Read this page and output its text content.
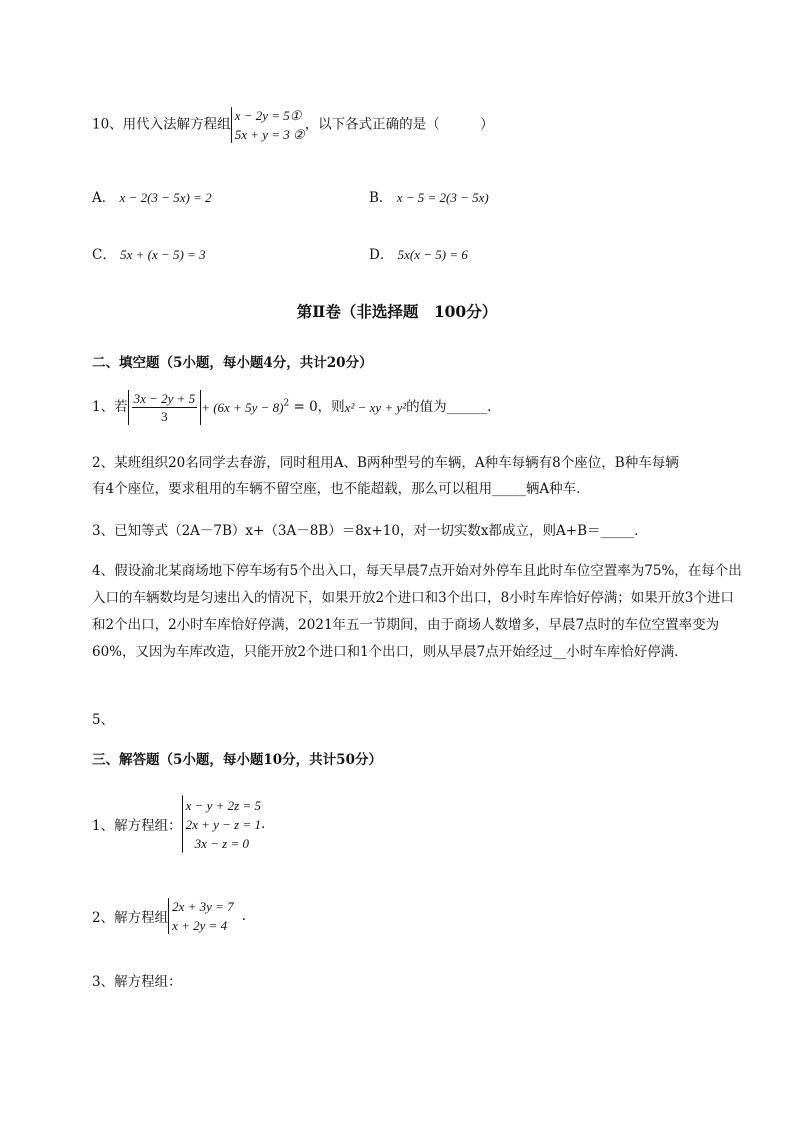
10、用代入法解方程组
x − 2y = 5①
5x + y = 3 ②
，以下各式正确的是（　　　）
A． x − 2(3 − 5x) = 2	B． x − 5 = 2(3 − 5x)
C． 5x + (x − 5) = 3	D． 5x(x − 5) = 6
第Ⅱ卷（非选择题　100分）
二、填空题（5小题，每小题4分，共计20分）
1、若 $\frac{3x - 2y + 5}{3} + (6x + 5y - 8)^2 = 0$，则x² − xy + y²的值为______.
2、某班组织20名同学去春游，同时租用A、B两种型号的车辆，A种车每辆有8个座位，B种车每辆
有4个座位，要求租用的车辆不留空座，也不能超载，那么可以租用_____辆A种车．
3、已知等式（2A－7B）x+（3A－8B）＝8x+10，对一切实数x都成立，则A+B＝_____．
4、假设渝北某商场地下停车场有5个出入口，每天早晨7点开始对外停车且此时车位空置率为75%，在每个出入口的车辆数均是匀速出入的情况下，如果开放2个进口和3个出口，8小时车库恰好停满；如果开放3个进口和2个出口，2小时车库恰好停满，2021年五一节期间，由于商场人数增多，早晨7点时的车位空置率变为60%，又因为车库改造，只能开放2个进口和1个出口，则从早晨7点开始经过__小时车库恰好停满．
5、
三、解答题（5小题，每小题10分，共计50分）
1、解方程组：
x − y + 2z = 5
2x + y − z = 1
3x − z = 0
.
2、解方程组
2x + 3y = 7
x + 2y = 4
.
3、解方程组：
